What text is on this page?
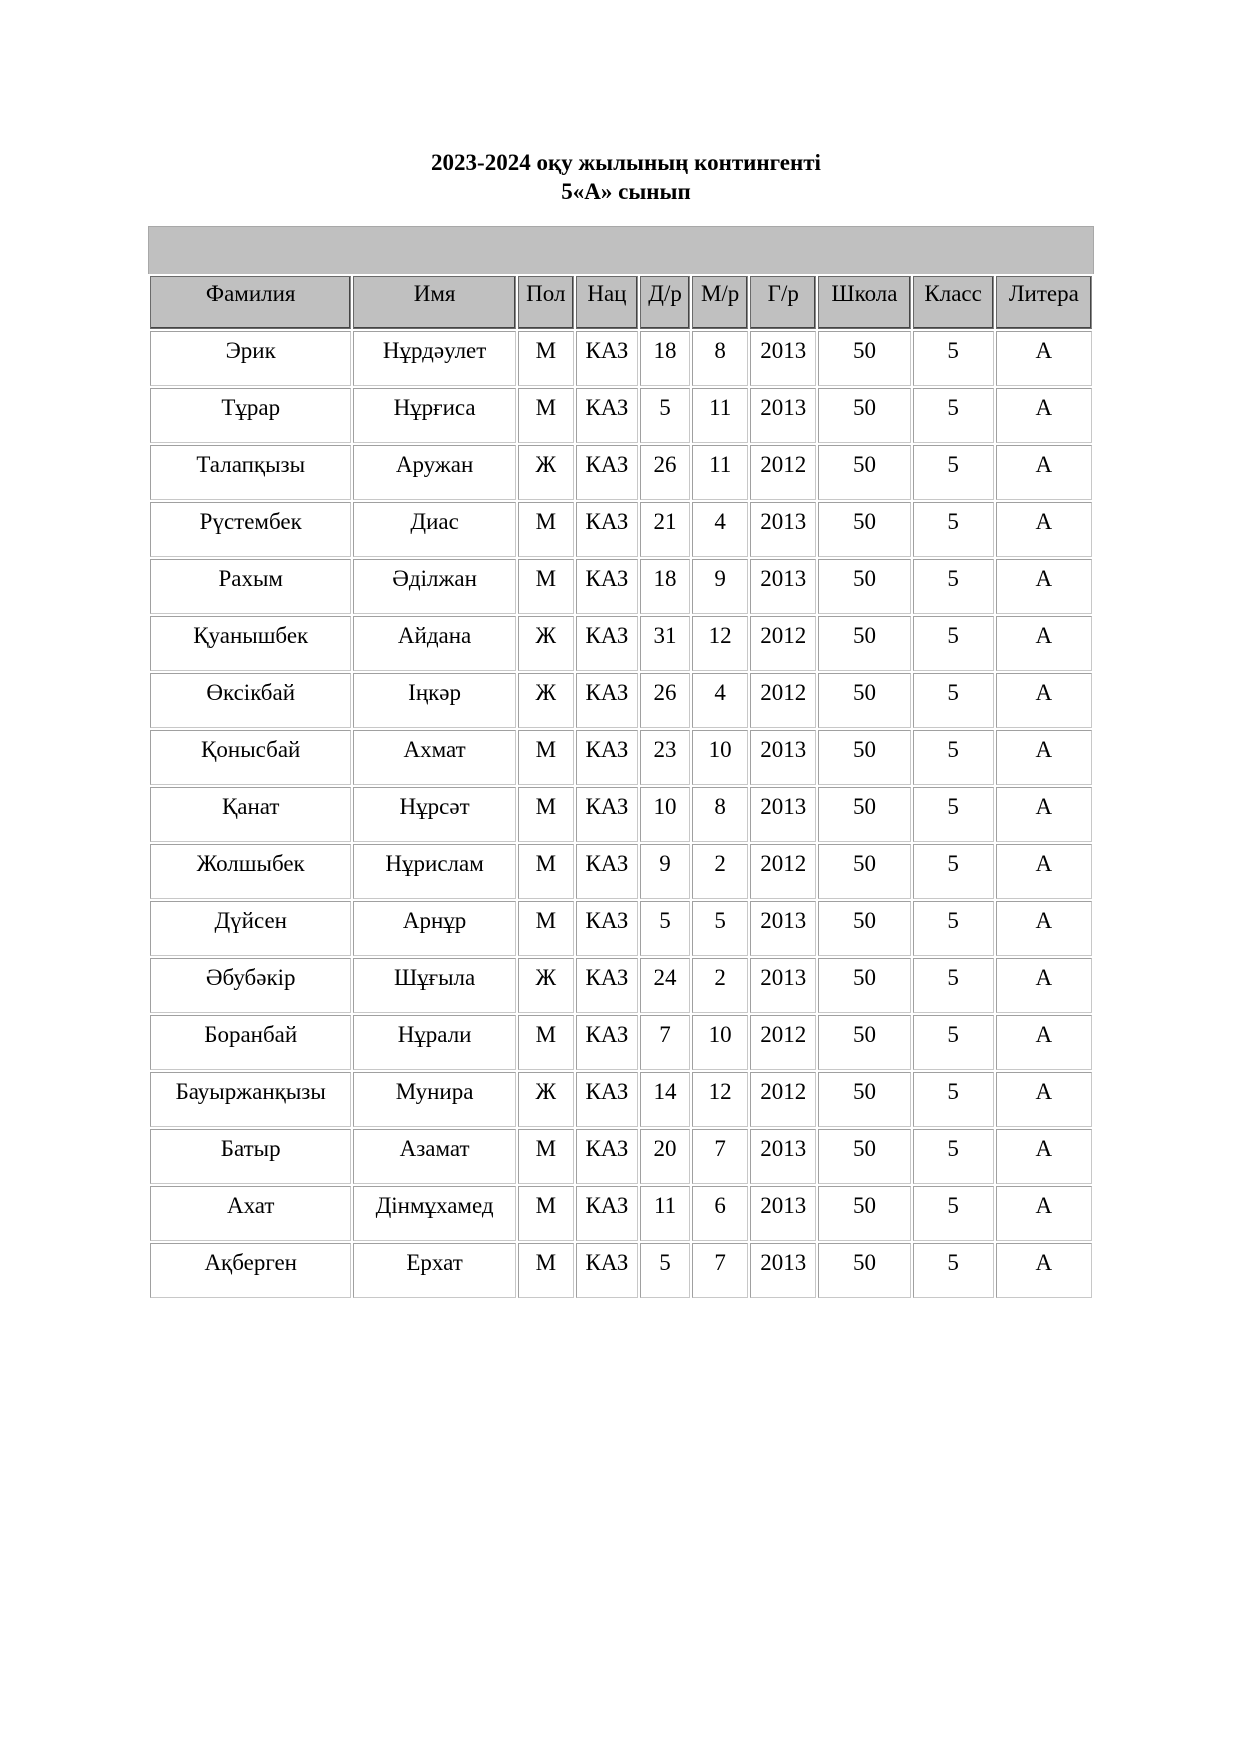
2023-2024 оқу жылының контингенті
5«А» сынып
Фамилия	Имя	Пол	Нац	Д/р	М/р	Г/р	Школа	Класс	Литера
Эрик	Нұрдәулет	М	КАЗ	18	8	2013	50	5	А
Тұрар	Нұрғиса	М	КАЗ	5	11	2013	50	5	А
Талапқызы	Аружан	Ж	КАЗ	26	11	2012	50	5	А
Рүстембек	Диас	М	КАЗ	21	4	2013	50	5	А
Рахым	Әділжан	М	КАЗ	18	9	2013	50	5	А
Қуанышбек	Айдана	Ж	КАЗ	31	12	2012	50	5	А
Өксікбай	Іңкәр	Ж	КАЗ	26	4	2012	50	5	А
Қонысбай	Ахмат	М	КАЗ	23	10	2013	50	5	А
Қанат	Нұрсәт	М	КАЗ	10	8	2013	50	5	А
Жолшыбек	Нұрислам	М	КАЗ	9	2	2012	50	5	А
Дүйсен	Арнұр	М	КАЗ	5	5	2013	50	5	А
Әбубәкір	Шұғыла	Ж	КАЗ	24	2	2013	50	5	А
Боранбай	Нұрали	М	КАЗ	7	10	2012	50	5	А
Бауыржанқызы	Мунира	Ж	КАЗ	14	12	2012	50	5	А
Батыр	Азамат	М	КАЗ	20	7	2013	50	5	А
Ахат	Дінмұхамед	М	КАЗ	11	6	2013	50	5	А
Ақберген	Ерхат	М	КАЗ	5	7	2013	50	5	А
